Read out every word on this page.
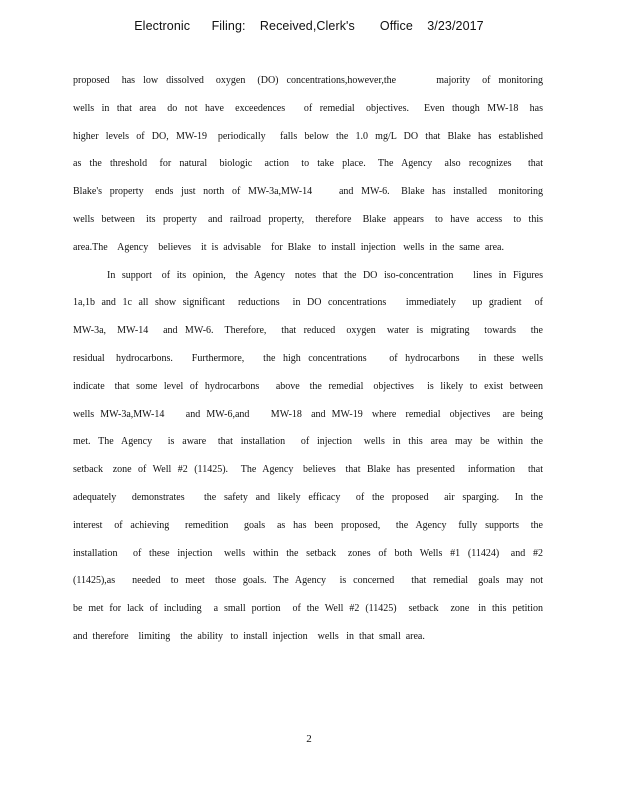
Electronic      Filing:    Received,Clerk's       Office    3/23/2017
proposed   has  low  dissolved   oxygen   (DO)  concentrations,however,the          majority   of  monitoring
wells  in  that  area   do  not  have   exceedences     of  remedial   objectives.    Even  though  MW-18   has
higher  levels  of  DO,  MW-19   periodically    falls  below  the  1.0  mg/L  DO  that  Blake  has  established
as  the  threshold   for  natural   biologic   action   to  take  place.   The  Agency   also  recognizes    that
Blake's  property   ends  just  north  of  MW-3a,MW-14       and  MW-6.   Blake  has  installed   monitoring
wells  between   its  property   and  railroad  property,   therefore   Blake  appears   to  have  access   to  this
area.The    Agency    believes    it  is  advisable    for  Blake   to  install  injection   wells  in  the  same  area.
In  support   of  its  opinion,   the  Agency   notes  that  the  DO  iso-concentration      lines  in  Figures
1a,1b  and  1c  all  show  significant    reductions    in  DO  concentrations      immediately     up  gradient    of
MW-3a,   MW-14    and  MW-6.   Therefore,    that  reduced   oxygen   water  is  migrating    towards    the
residual   hydrocarbons.     Furthermore,     the  high  concentrations      of  hydrocarbons     in  these  wells
indicate   that  some  level  of  hydrocarbons     above   the  remedial   objectives    is  likely  to  exist  between
wells  MW-3a,MW-14       and  MW-6,and       MW-18   and  MW-19   where   remedial   objectives    are  being
met.  The  Agency    is  aware   that  installation    of  injection   wells  in  this  area  may  be  within  the
setback   zone  of  Well  #2  (11425).    The  Agency   believes   that  Blake  has  presented    information    that
adequately    demonstrates     the  safety  and  likely  efficacy    of  the  proposed    air  sparging.    In  the
interest   of  achieving    remedition    goals   as  has  been  proposed,    the  Agency   fully  supports   the
installation    of  these  injection   wells  within  the  setback   zones  of  both  Wells  #1  (11424)   and  #2
(11425),as     needed   to  meet   those  goals.  The  Agency    is  concerned     that  remedial   goals  may  not
be  met  for  lack  of  including    a  small  portion    of  the  Well  #2  (11425)    setback    zone   in  this  petition
and  therefore    limiting    the  ability   to  install  injection    wells   in  that  small  area.
2
